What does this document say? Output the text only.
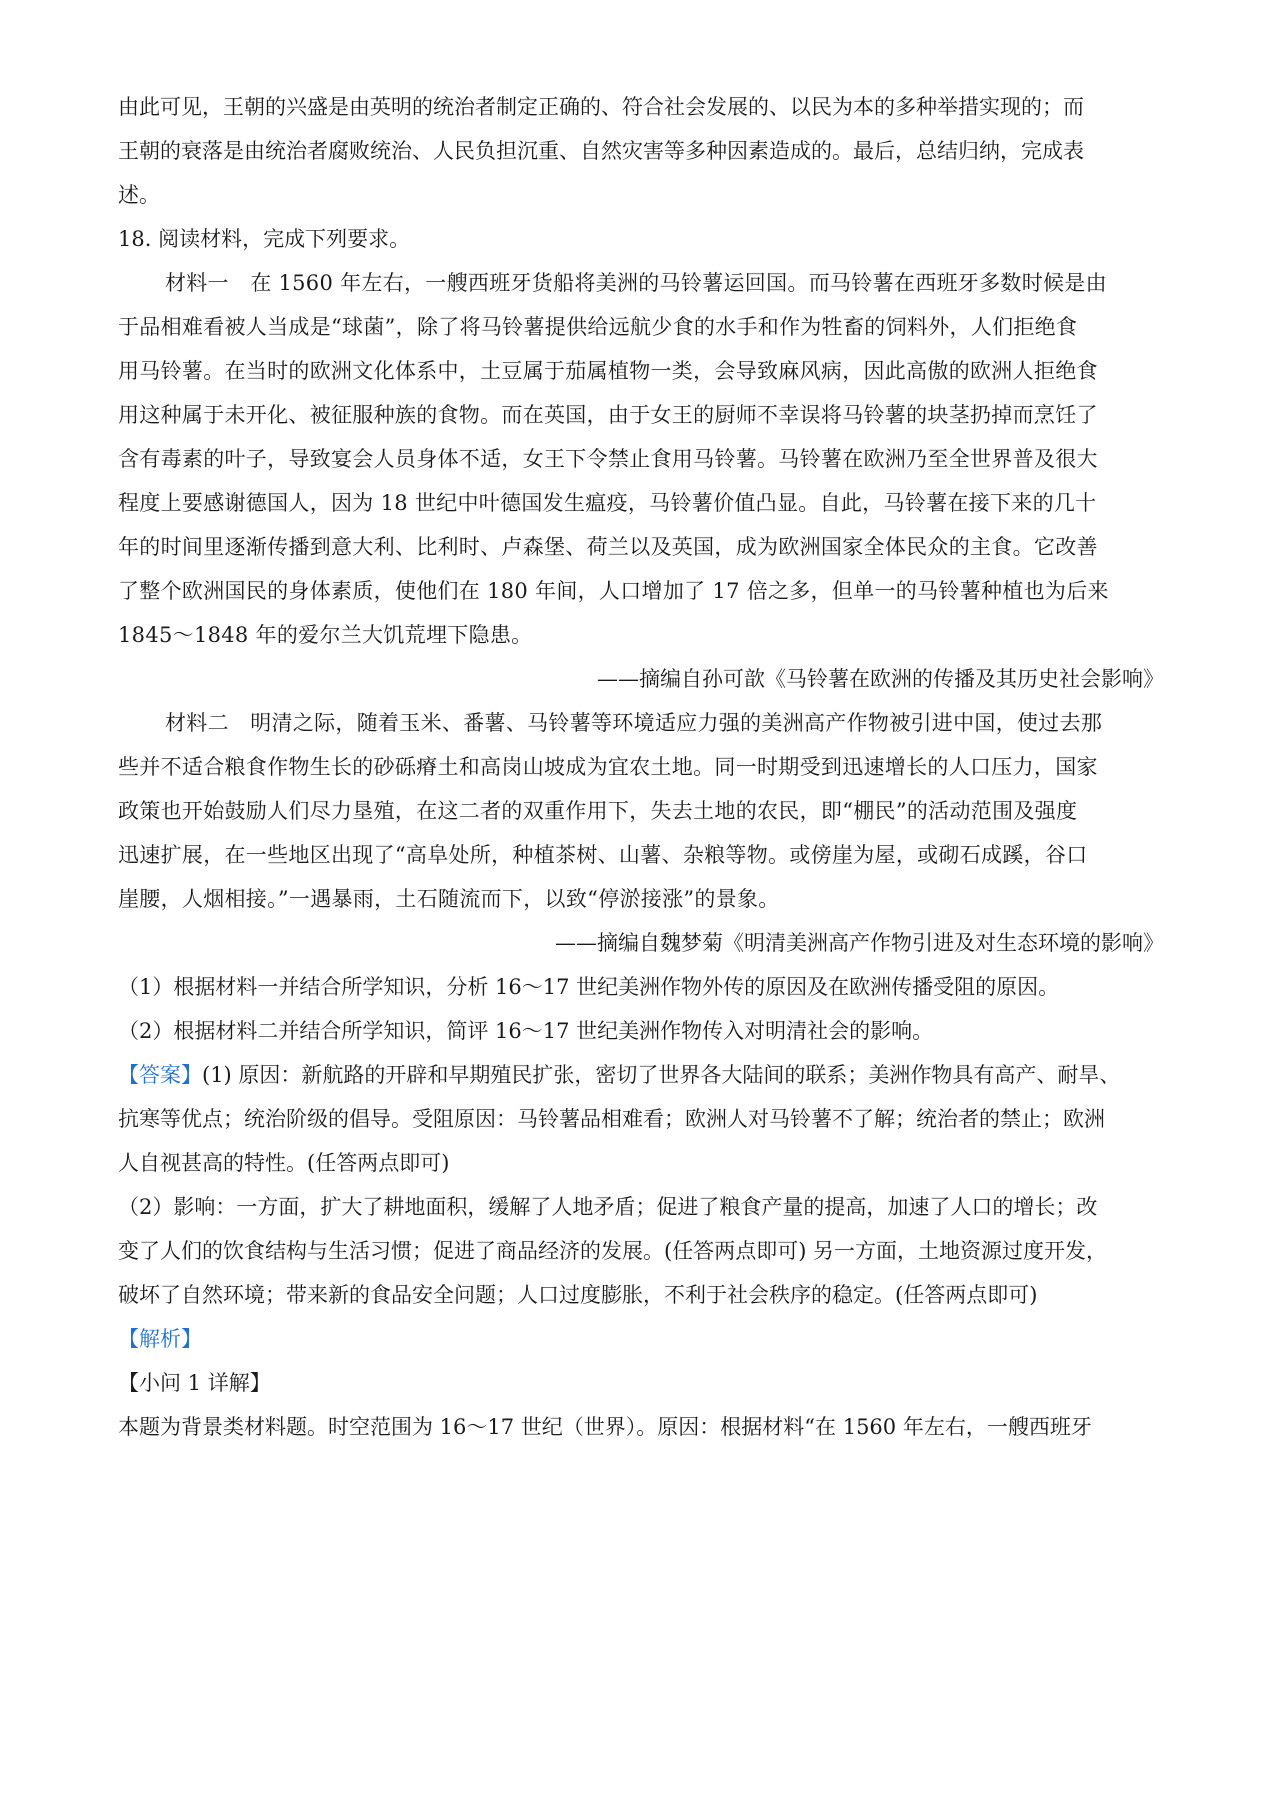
由此可见，王朝的兴盛是由英明的统治者制定正确的、符合社会发展的、以民为本的多种举措实现的；而
王朝的衰落是由统治者腐败统治、人民负担沉重、自然灾害等多种因素造成的。最后，总结归纳，完成表
述。
18. 阅读材料，完成下列要求。
材料一　在 1560 年左右，一艘西班牙货船将美洲的马铃薯运回国。而马铃薯在西班牙多数时候是由
于品相难看被人当成是“球菌”，除了将马铃薯提供给远航少食的水手和作为牲畜的饲料外，人们拒绝食
用马铃薯。在当时的欧洲文化体系中，土豆属于茄属植物一类，会导致麻风病，因此高傲的欧洲人拒绝食
用这种属于未开化、被征服种族的食物。而在英国，由于女王的厨师不幸误将马铃薯的块茎扔掉而烹饪了
含有毒素的叶子，导致宴会人员身体不适，女王下令禁止食用马铃薯。马铃薯在欧洲乃至全世界普及很大
程度上要感谢德国人，因为 18 世纪中叶德国发生瘟疫，马铃薯价值凸显。自此，马铃薯在接下来的几十
年的时间里逐渐传播到意大利、比利时、卢森堡、荷兰以及英国，成为欧洲国家全体民众的主食。它改善
了整个欧洲国民的身体素质，使他们在 180 年间，人口增加了 17 倍之多，但单一的马铃薯种植也为后来
1845～1848 年的爱尔兰大饥荒埋下隐患。
——摘编自孙可歆《马铃薯在欧洲的传播及其历史社会影响》
材料二　明清之际，随着玉米、番薯、马铃薯等环境适应力强的美洲高产作物被引进中国，使过去那
些并不适合粮食作物生长的砂砾瘠土和高岗山坡成为宜农土地。同一时期受到迅速增长的人口压力，国家
政策也开始鼓励人们尽力垦殖，在这二者的双重作用下，失去土地的农民，即“棚民”的活动范围及强度
迅速扩展，在一些地区出现了“高阜处所，种植茶树、山薯、杂粮等物。或傍崖为屋，或砌石成蹊，谷口
崖腰，人烟相接。”一遇暴雨，土石随流而下，以致“停淤接涨”的景象。
——摘编自魏梦菊《明清美洲高产作物引进及对生态环境的影响》
（1）根据材料一并结合所学知识，分析 16～17 世纪美洲作物外传的原因及在欧洲传播受阻的原因。
（2）根据材料二并结合所学知识，简评 16～17 世纪美洲作物传入对明清社会的影响。
【答案】(1) 原因：新航路的开辟和早期殖民扩张，密切了世界各大陆间的联系；美洲作物具有高产、耐旱、
抗寒等优点；统治阶级的倡导。受阻原因：马铃薯品相难看；欧洲人对马铃薯不了解；统治者的禁止；欧洲
人自视甚高的特性。(任答两点即可)
（2）影响：一方面，扩大了耕地面积，缓解了人地矛盾；促进了粮食产量的提高，加速了人口的增长；改
变了人们的饮食结构与生活习惯；促进了商品经济的发展。(任答两点即可) 另一方面，土地资源过度开发，
破坏了自然环境；带来新的食品安全问题；人口过度膨胀，不利于社会秩序的稳定。(任答两点即可)
【解析】
【小问 1 详解】
本题为背景类材料题。时空范围为 16～17 世纪（世界）。原因：根据材料“在 1560 年左右，一艘西班牙
